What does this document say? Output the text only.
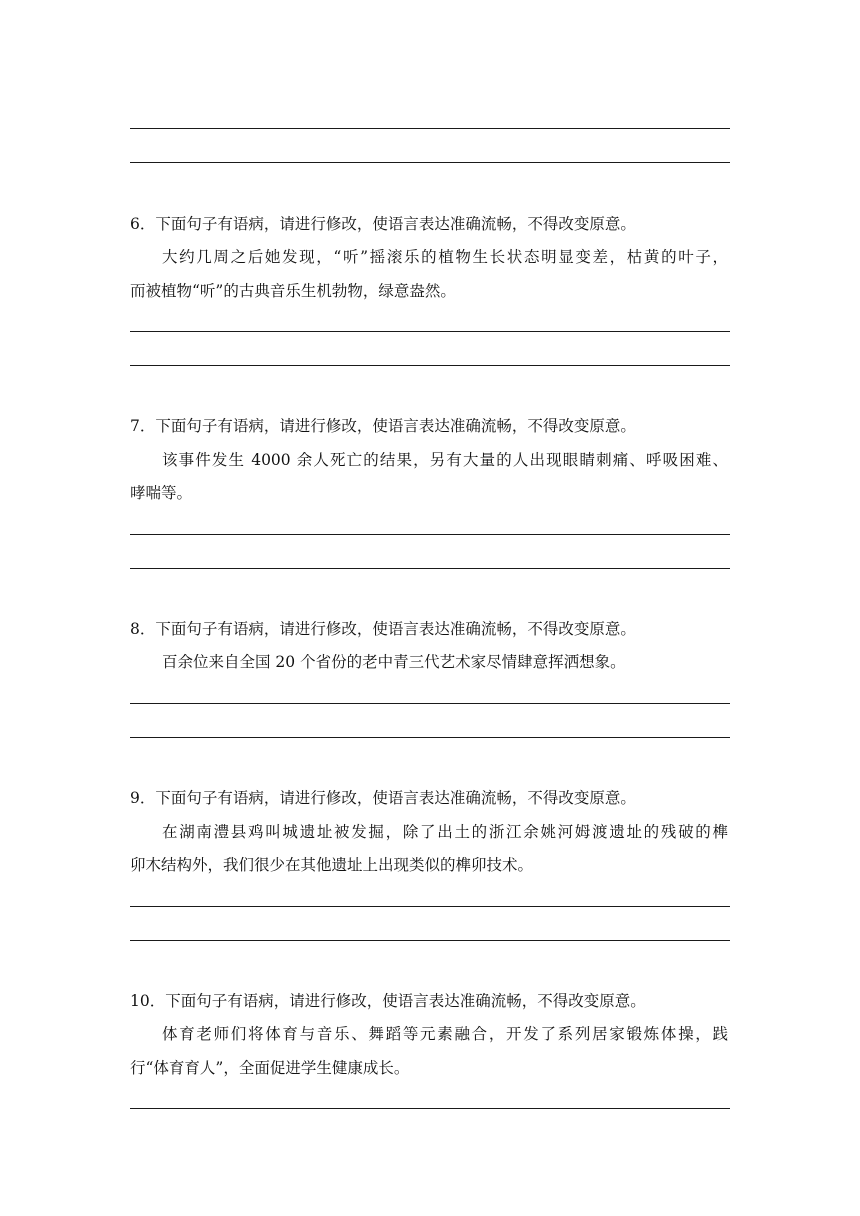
6．下面句子有语病，请进行修改，使语言表达准确流畅，不得改变原意。
大约几周之后她发现，“听”摇滚乐的植物生长状态明显变差，枯黄的叶子，
而被植物“听”的古典音乐生机勃物，绿意盎然。
7．下面句子有语病，请进行修改，使语言表达准确流畅，不得改变原意。
该事件发生 4000 余人死亡的结果，另有大量的人出现眼睛刺痛、呼吸困难、
哮喘等。
8．下面句子有语病，请进行修改，使语言表达准确流畅，不得改变原意。
百余位来自全国 20 个省份的老中青三代艺术家尽情肆意挥洒想象。
9．下面句子有语病，请进行修改，使语言表达准确流畅，不得改变原意。
在湖南澧县鸡叫城遗址被发掘，除了出土的浙江余姚河姆渡遗址的残破的榫
卯木结构外，我们很少在其他遗址上出现类似的榫卯技术。
10．下面句子有语病，请进行修改，使语言表达准确流畅，不得改变原意。
体育老师们将体育与音乐、舞蹈等元素融合，开发了系列居家锻炼体操，践
行“体育育人”，全面促进学生健康成长。
